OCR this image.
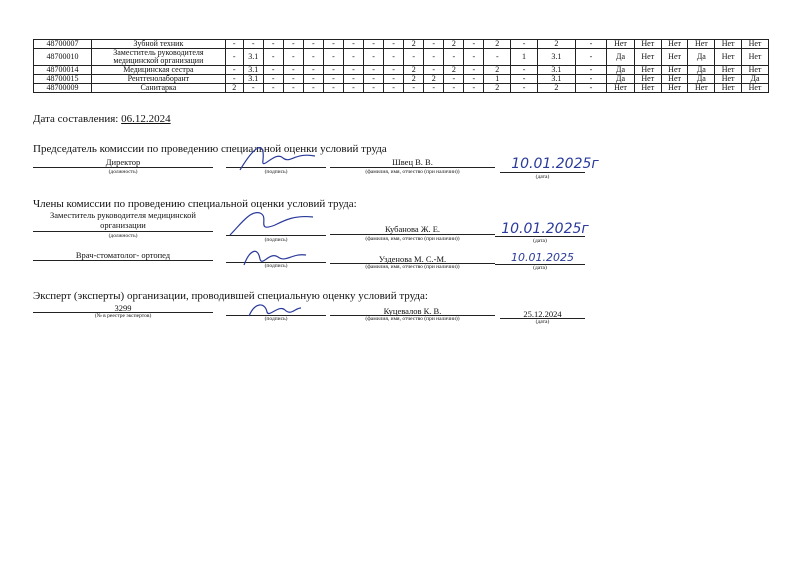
48700007	Зубной техник	-	-	-	-	-	-	-	-	-	2	-	2	-	2	-	2	-	Нет	Нет	Нет	Нет	Нет	Нет
48700010	Заместитель руководителя медицинской организации	-	3.1	-	-	-	-	-	-	-	-	-	-	-	-	1	3.1	-	Да	Нет	Нет	Да	Нет	Нет
48700014	Медицинская сестра	-	3.1	-	-	-	-	-	-	-	2	-	2	-	2	-	3.1	-	Да	Нет	Нет	Да	Нет	Нет
48700015	Рентгенолаборант	-	3.1	-	-	-	-	-	-	-	2	2	-	-	1	-	3.1	-	Да	Нет	Нет	Да	Нет	Да
48700009	Санитарка	2	-	-	-	-	-	-	-	-	-	-	-	-	2	-	2	-	Нет	Нет	Нет	Нет	Нет	Нет
Дата составления: 06.12.2024
Председатель комиссии по проведению специальной оценки условий труда
Директор
(должность)	(подпись)
Швец В. В.
(фамилия, имя, отчество (при наличии))	10.01.2025г
(дата)
Члены комиссии по проведению специальной оценки условий труда:
Заместитель руководителя медицинской организации
(должность)
(подпись)
Кубанова Ж. Е.
(фамилия, имя, отчество (при наличии))
10.01.2025г
(дата)
Врач-стоматолог- ортопед
(подпись)
Узденова М. С.-М.
(фамилия, имя, отчество (при наличии))
10.01.2025
(дата)
Эксперт (эксперты) организации, проводившей специальную оценку условий труда:
3299
(№ в реестре экспертов)	(подпись)
Куцевалов К. В.
(фамилия, имя, отчество (при наличии))	25.12.2024
(дата)
